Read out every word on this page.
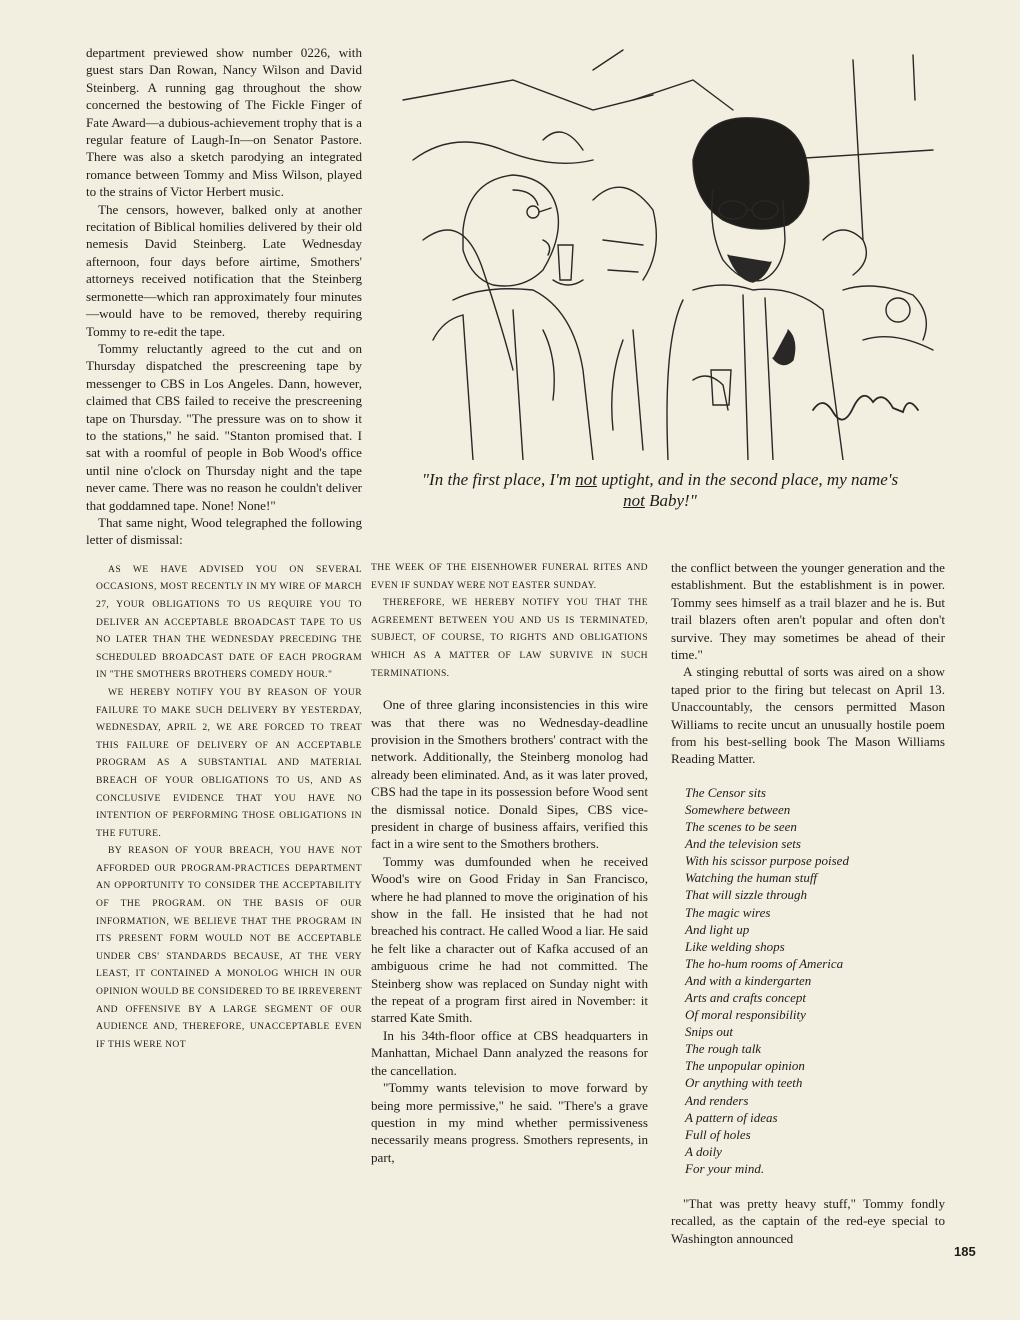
department previewed show number 0226, with guest stars Dan Rowan, Nancy Wilson and David Steinberg. A running gag throughout the show concerned the bestowing of The Fickle Finger of Fate Award—a dubious-achievement trophy that is a regular feature of Laugh-In—on Senator Pastore. There was also a sketch parodying an integrated romance between Tommy and Miss Wilson, played to the strains of Victor Herbert music.

The censors, however, balked only at another recitation of Biblical homilies delivered by their old nemesis David Steinberg. Late Wednesday afternoon, four days before airtime, Smothers' attorneys received notification that the Steinberg sermonette—which ran approximately four minutes—would have to be removed, thereby requiring Tommy to re-edit the tape.

Tommy reluctantly agreed to the cut and on Thursday dispatched the prescreening tape by messenger to CBS in Los Angeles. Dann, however, claimed that CBS failed to receive the prescreening tape on Thursday. "The pressure was on to show it to the stations," he said. "Stanton promised that. I sat with a roomful of people in Bob Wood's office until nine o'clock on Thursday night and the tape never came. There was no reason he couldn't deliver that goddamned tape. None! None!"

That same night, Wood telegraphed the following letter of dismissal:

AS WE HAVE ADVISED YOU ON SEVERAL OCCASIONS, MOST RECENTLY IN MY WIRE OF MARCH 27, YOUR OBLIGATIONS TO US REQUIRE YOU TO DELIVER AN ACCEPTABLE BROADCAST TAPE TO US NO LATER THAN THE WEDNESDAY PRECEDING THE SCHEDULED BROADCAST DATE OF EACH PROGRAM IN "THE SMOTHERS BROTHERS COMEDY HOUR."

WE HEREBY NOTIFY YOU BY REASON OF YOUR FAILURE TO MAKE SUCH DELIVERY BY YESTERDAY, WEDNESDAY, APRIL 2, WE ARE FORCED TO TREAT THIS FAILURE OF DELIVERY OF AN ACCEPTABLE PROGRAM AS A SUBSTANTIAL AND MATERIAL BREACH OF YOUR OBLIGATIONS TO US, AND AS CONCLUSIVE EVIDENCE THAT YOU HAVE NO INTENTION OF PERFORMING THOSE OBLIGATIONS IN THE FUTURE.

BY REASON OF YOUR BREACH, YOU HAVE NOT AFFORDED OUR PROGRAM-PRACTICES DEPARTMENT AN OPPORTUNITY TO CONSIDER THE ACCEPTABILITY OF THE PROGRAM. ON THE BASIS OF OUR INFORMATION, WE BELIEVE THAT THE PROGRAM IN ITS PRESENT FORM WOULD NOT BE ACCEPTABLE UNDER CBS' STANDARDS BECAUSE, AT THE VERY LEAST, IT CONTAINED A MONOLOG WHICH IN OUR OPINION WOULD BE CONSIDERED TO BE IRREVERENT AND OFFENSIVE BY A LARGE SEGMENT OF OUR AUDIENCE AND, THEREFORE, UNACCEPTABLE EVEN IF THIS WERE NOT

"In the first place, I'm not uptight, and in the second place, my name's not Baby!"

THE WEEK OF THE EISENHOWER FUNERAL RITES AND EVEN IF SUNDAY WERE NOT EASTER SUNDAY.

THEREFORE, WE HEREBY NOTIFY YOU THAT THE AGREEMENT BETWEEN YOU AND US IS TERMINATED, SUBJECT, OF COURSE, TO RIGHTS AND OBLIGATIONS WHICH AS A MATTER OF LAW SURVIVE IN SUCH TERMINATIONS.

One of three glaring inconsistencies in this wire was that there was no Wednesday-deadline provision in the Smothers brothers' contract with the network. Additionally, the Steinberg monolog had already been eliminated. And, as it was later proved, CBS had the tape in its possession before Wood sent the dismissal notice. Donald Sipes, CBS vice-president in charge of business affairs, verified this fact in a wire sent to the Smothers brothers.

Tommy was dumfounded when he received Wood's wire on Good Friday in San Francisco, where he had planned to move the origination of his show in the fall. He insisted that he had not breached his contract. He called Wood a liar. He said he felt like a character out of Kafka accused of an ambiguous crime he had not committed. The Steinberg show was replaced on Sunday night with the repeat of a program first aired in November: it starred Kate Smith.

In his 34th-floor office at CBS headquarters in Manhattan, Michael Dann analyzed the reasons for the cancellation.

"Tommy wants television to move forward by being more permissive," he said. "There's a grave question in my mind whether permissiveness necessarily means progress. Smothers represents, in part,

the conflict between the younger generation and the establishment. But the establishment is in power. Tommy sees himself as a trail blazer and he is. But trail blazers often aren't popular and often don't survive. They may sometimes be ahead of their time."

A stinging rebuttal of sorts was aired on a show taped prior to the firing but telecast on April 13. Unaccountably, the censors permitted Mason Williams to recite uncut an unusually hostile poem from his best-selling book The Mason Williams Reading Matter.

The Censor sits
Somewhere between
The scenes to be seen
And the television sets
With his scissor purpose poised
Watching the human stuff
That will sizzle through
The magic wires
And light up
Like welding shops
The ho-hum rooms of America
And with a kindergarten
Arts and crafts concept
Of moral responsibility
Snips out
The rough talk
The unpopular opinion
Or anything with teeth
And renders
A pattern of ideas
Full of holes
A doily
For your mind.

"That was pretty heavy stuff," Tommy fondly recalled, as the captain of the red-eye special to Washington announced

185
